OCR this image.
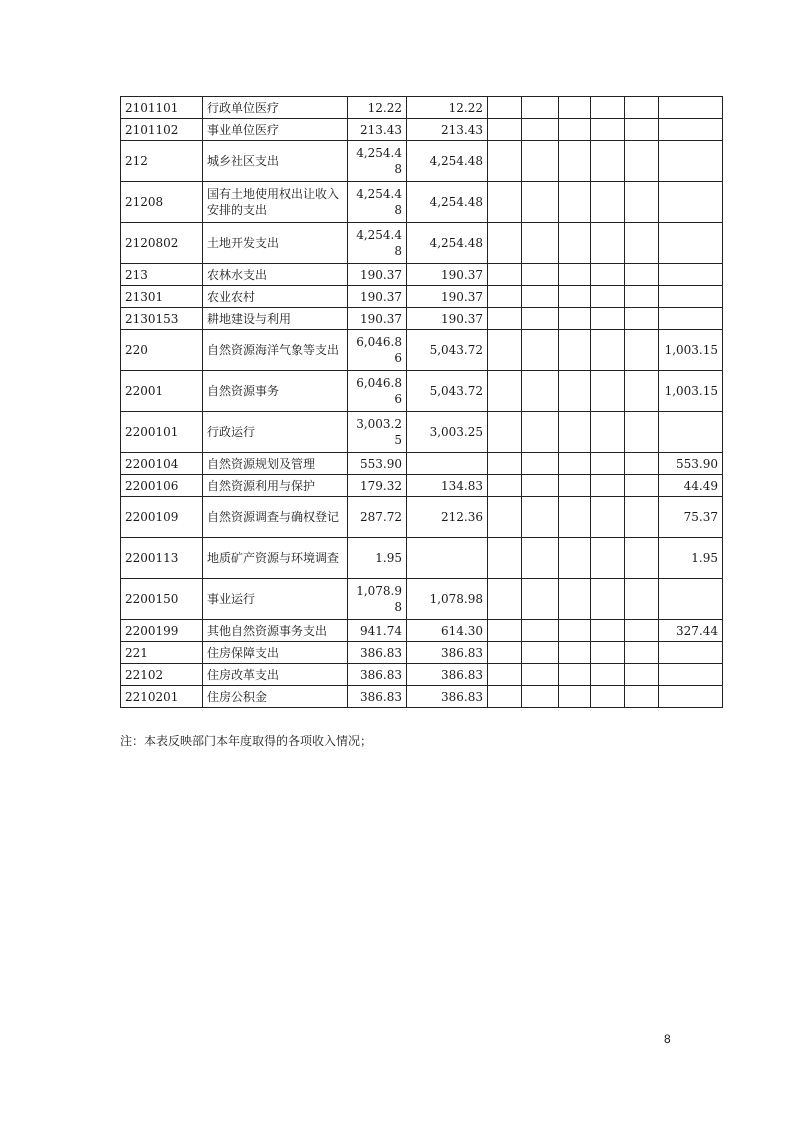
2101101	行政单位医疗	12.22	12.22						
2101102	事业单位医疗	213.43	213.43						
212	城乡社区支出	4,254.48	4,254.48						
21208	国有土地使用权出让收入安排的支出	4,254.48	4,254.48						
2120802	土地开发支出	4,254.48	4,254.48						
213	农林水支出	190.37	190.37						
21301	农业农村	190.37	190.37						
2130153	耕地建设与利用	190.37	190.37						
220	自然资源海洋气象等支出	6,046.86	5,043.72						1,003.15
22001	自然资源事务	6,046.86	5,043.72						1,003.15
2200101	行政运行	3,003.25	3,003.25						
2200104	自然资源规划及管理	553.90							553.90
2200106	自然资源利用与保护	179.32	134.83						44.49
2200109	自然资源调查与确权登记	287.72	212.36						75.37
2200113	地质矿产资源与环境调查	1.95							1.95
2200150	事业运行	1,078.98	1,078.98						
2200199	其他自然资源事务支出	941.74	614.30						327.44
221	住房保障支出	386.83	386.83						
22102	住房改革支出	386.83	386.83						
2210201	住房公积金	386.83	386.83						
注：本表反映部门本年度取得的各项收入情况；
8
